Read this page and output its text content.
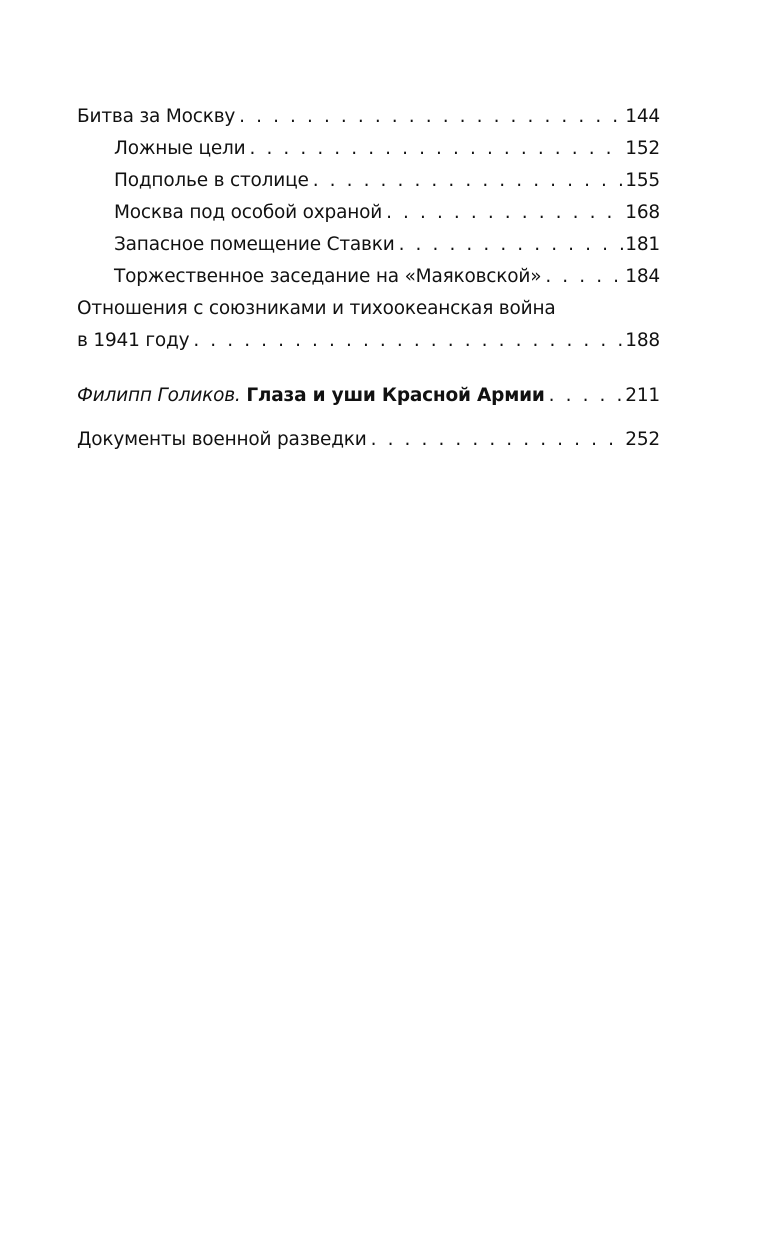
Битва за Москву . . .	144
Ложные цели . . .	152
Подполье в столице . . .	155
Москва под особой охраной . . .	168
Запасное помещение Ставки . . .	181
Торжественное заседание на «Маяковской» . . .	184
Отношения с союзниками и тихоокеанская война
в 1941 году . . .	188
Филипп Голиков. Глаза и уши Красной Армии . . .	211
Документы военной разведки . . .	252
